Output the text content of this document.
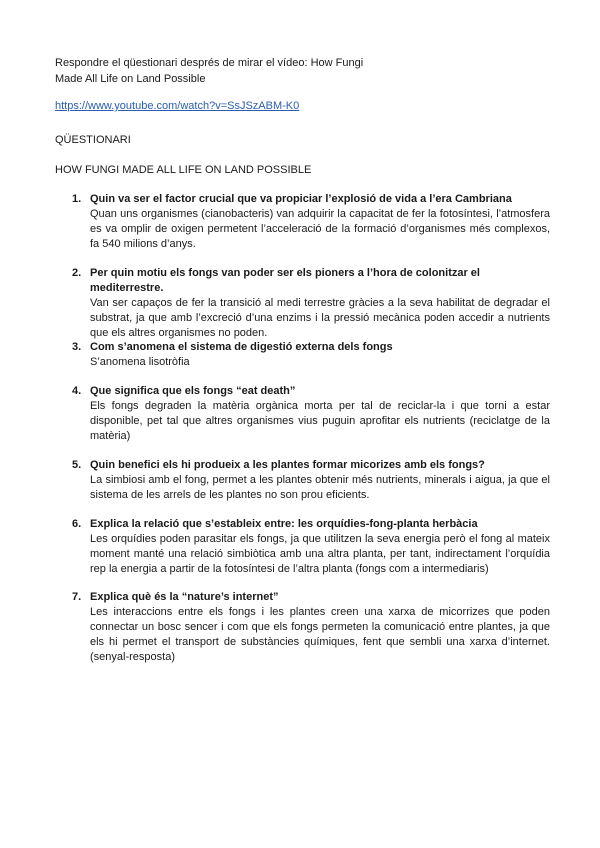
Respondre el qüestionari després de mirar el vídeo: How Fungi

Made All Life on Land Possible

https://www.youtube.com/watch?v=SsJSzABM-K0
QÜESTIONARI
HOW FUNGI MADE ALL LIFE ON LAND POSSIBLE
1. Quin va ser el factor crucial que va propiciar l’explosió de vida a l’era Cambriana
Quan uns organismes (cianobacteris) van adquirir la capacitat de fer la fotosíntesi, l’atmosfera es va omplir de oxigen permetent l’acceleració de la formació d’organismes més complexos, fa 540 milions d’anys.
2. Per quin motiu els fongs van poder ser els pioners a l’hora de colonitzar el mediterrestre.
Van ser capaços de fer la transició al medi terrestre gràcies a la seva habilitat de degradar el substrat, ja que amb l’excreció d’una enzims i la pressió mecànica poden accedir a nutrients que els altres organismes no poden.
3. Com s’anomena el sistema de digestió externa dels fongs
S’anomena lisotròfia
4. Que significa que els fongs “eat death”
Els fongs degraden la matèria orgànica morta per tal de reciclar-la i que torni a estar disponible, pet tal que altres organismes vius puguin aprofitar els nutrients (reciclatge de la matèria)
5. Quin benefici els hi produeix a les plantes formar micorizes amb els fongs?
La simbiosi amb el fong, permet a les plantes obtenir més nutrients, minerals i aigua, ja que el sistema de les arrels de les plantes no son prou eficients.
6. Explica la relació que s’estableix entre: les orquídies-fong-planta herbàcia
Les orquídies poden parasitar els fongs, ja que utilitzen la seva energia però el fong al mateix moment manté una relació simbiòtica amb una altra planta, per tant, indirectament l’orquídia rep la energia a partir de la fotosíntesi de l’altra planta (fongs com a intermediaris)
7. Explica què és la “nature’s internet”
Les interaccions entre els fongs i les plantes creen una xarxa de micorrizes que poden connectar un bosc sencer i com que els fongs permeten la comunicació entre plantes, ja que els hi permet el transport de substàncies químiques, fent que sembli una xarxa d’internet. (senyal-resposta)
